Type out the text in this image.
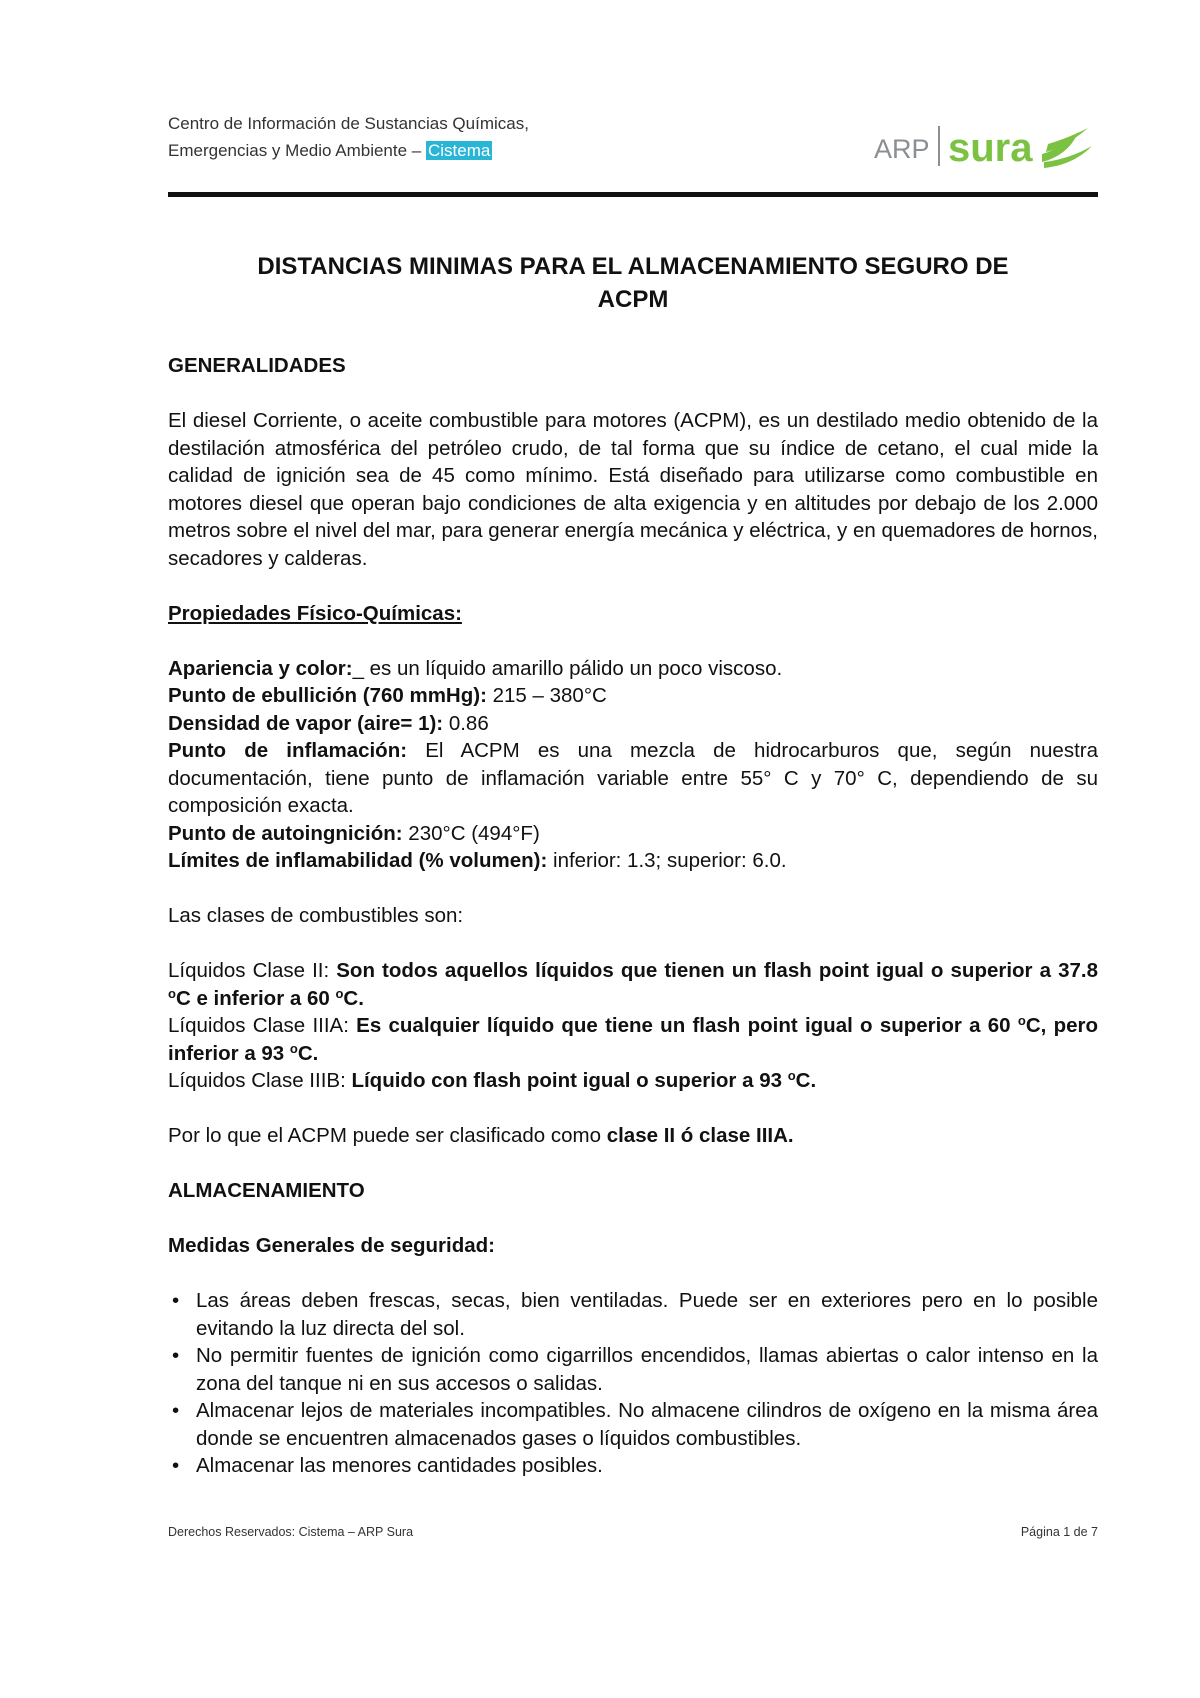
Centro de Información de Sustancias Químicas,
Emergencias y Medio Ambiente – Cistema	ARP sura
DISTANCIAS MINIMAS PARA EL ALMACENAMIENTO SEGURO DE
ACPM
GENERALIDADES

El diesel Corriente, o aceite combustible para motores (ACPM), es un destilado medio obtenido de la destilación atmosférica del petróleo crudo, de tal forma que su índice de cetano, el cual mide la calidad de ignición sea de 45 como mínimo. Está diseñado para utilizarse como combustible en motores diesel que operan bajo condiciones de alta exigencia y en altitudes por debajo de los 2.000 metros sobre el nivel del mar, para generar energía mecánica y eléctrica, y en quemadores de hornos, secadores y calderas.

Propiedades Físico-Químicas:
Apariencia y color:_ es un líquido amarillo pálido un poco viscoso.
Punto de ebullición (760 mmHg): 215 – 380°C
Densidad de vapor (aire= 1): 0.86
Punto de inflamación: El ACPM es una mezcla de hidrocarburos que, según nuestra documentación, tiene punto de inflamación variable entre 55° C y 70° C, dependiendo de su composición exacta.
Punto de autoingnición: 230°C (494°F)
Límites de inflamabilidad (% volumen): inferior: 1.3; superior: 6.0.
Las clases de combustibles son:
Líquidos Clase II: Son todos aquellos líquidos que tienen un flash point igual o superior a 37.8 $^o$C e inferior a 60 $^o$C.
Líquidos Clase IIIA: Es cualquier líquido que tiene un flash point igual o superior a 60 $^o$C, pero inferior a 93 $^o$C.
Líquidos Clase IIIB: Líquido con flash point igual o superior a 93 $^o$C.
Por lo que el ACPM puede ser clasificado como clase II ó clase IIIA.
ALMACENAMIENTO
Medidas Generales de seguridad:
• Las áreas deben frescas, secas, bien ventiladas. Puede ser en exteriores pero en lo posible evitando la luz directa del sol.
• No permitir fuentes de ignición como cigarrillos encendidos, llamas abiertas o calor intenso en la zona del tanque ni en sus accesos o salidas.
• Almacenar lejos de materiales incompatibles. No almacene cilindros de oxígeno en la misma área donde se encuentren almacenados gases o líquidos combustibles.
• Almacenar las menores cantidades posibles.
Derechos Reservados: Cistema – ARP Sura	Página 1 de 7
